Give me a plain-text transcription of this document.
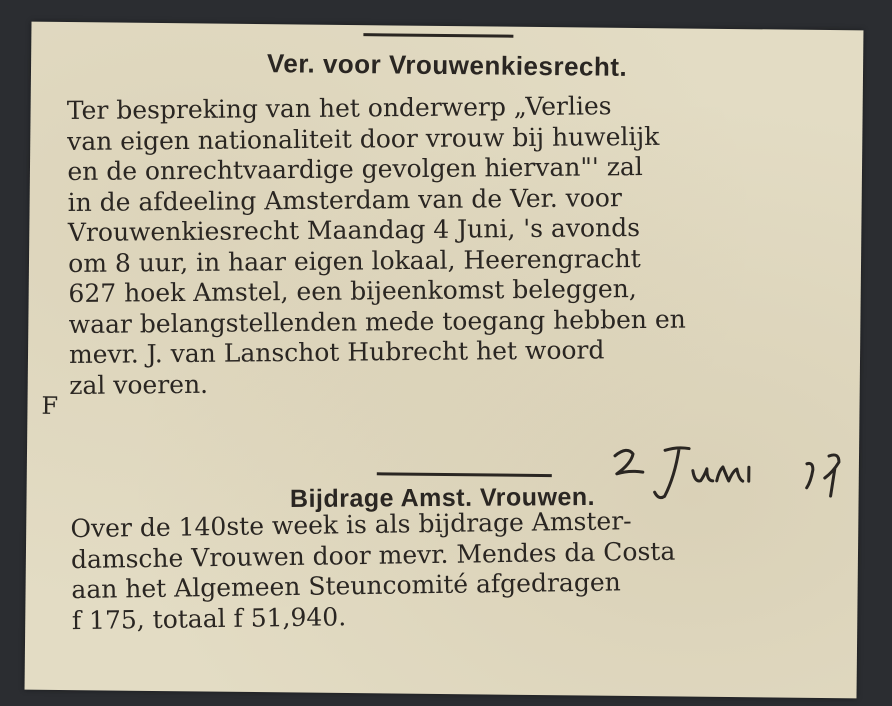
Ver. voor Vrouwenkiesrecht.
Ter bespreking van het onderwerp „Verlies
van eigen nationaliteit door vrouw bij huwelijk
en de onrechtvaardige gevolgen hiervan"' zal
in de afdeeling Amsterdam van de Ver. voor
Vrouwenkiesrecht Maandag 4 Juni, 's avonds
om 8 uur, in haar eigen lokaal, Heerengracht
627 hoek Amstel, een bijeenkomst beleggen,
waar belangstellenden mede toegang hebben en
mevr. J. van Lanschot Hubrecht het woord
zal voeren.
F
2 Juni 17
Bijdrage Amst. Vrouwen.
Over de 140ste week is als bijdrage Amster-
damsche Vrouwen door mevr. Mendes da Costa
aan het Algemeen Steuncomité afgedragen
f 175, totaal f 51,940.
